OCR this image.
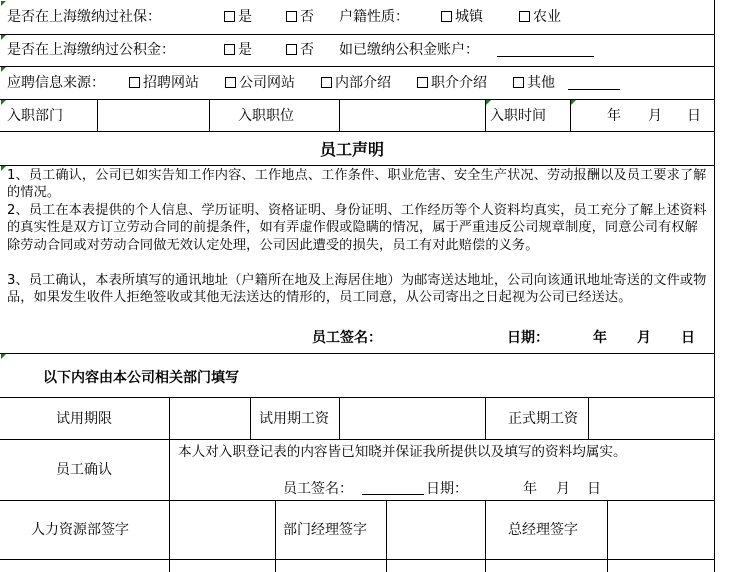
是否在上海缴纳过社保：	是	否 户籍性质：	城镇	农业
是否在上海缴纳过公积金：	是	否 如已缴纳公积金账户：
应聘信息来源：	招聘网站	公司网站	内部介绍	职介介绍	其他
入职部门	入职职位	入职时间	年 月 日
员工声明
1、员工确认，公司已如实告知工作内容、工作地点、工作条件、职业危害、安全生产状况、劳动报酬以及员工要求了解的情况。
2、员工在本表提供的个人信息、学历证明、资格证明、身份证明、工作经历等个人资料均真实，员工充分了解上述资料的真实性是双方订立劳动合同的前提条件，如有弄虚作假或隐瞒的情况，属于严重违反公司规章制度，同意公司有权解除劳动合同或对劳动合同做无效认定处理，公司因此遭受的损失，员工有对此赔偿的义务。
3、员工确认，本表所填写的通讯地址（户籍所在地及上海居住地）为邮寄送达地址，公司向该通讯地址寄送的文件或物品，如果发生收件人拒绝签收或其他无法送达的情形的，员工同意，从公司寄出之日起视为公司已经送达。
员工签名：	日期：	年 月 日
以下内容由本公司相关部门填写
试用期限	试用期工资	正式期工资
员工确认
本人对入职登记表的内容皆已知晓并保证我所提供以及填写的资料均属实。
员工签名：	日期：	年 月 日
人力资源部签字	部门经理签字	总经理签字
